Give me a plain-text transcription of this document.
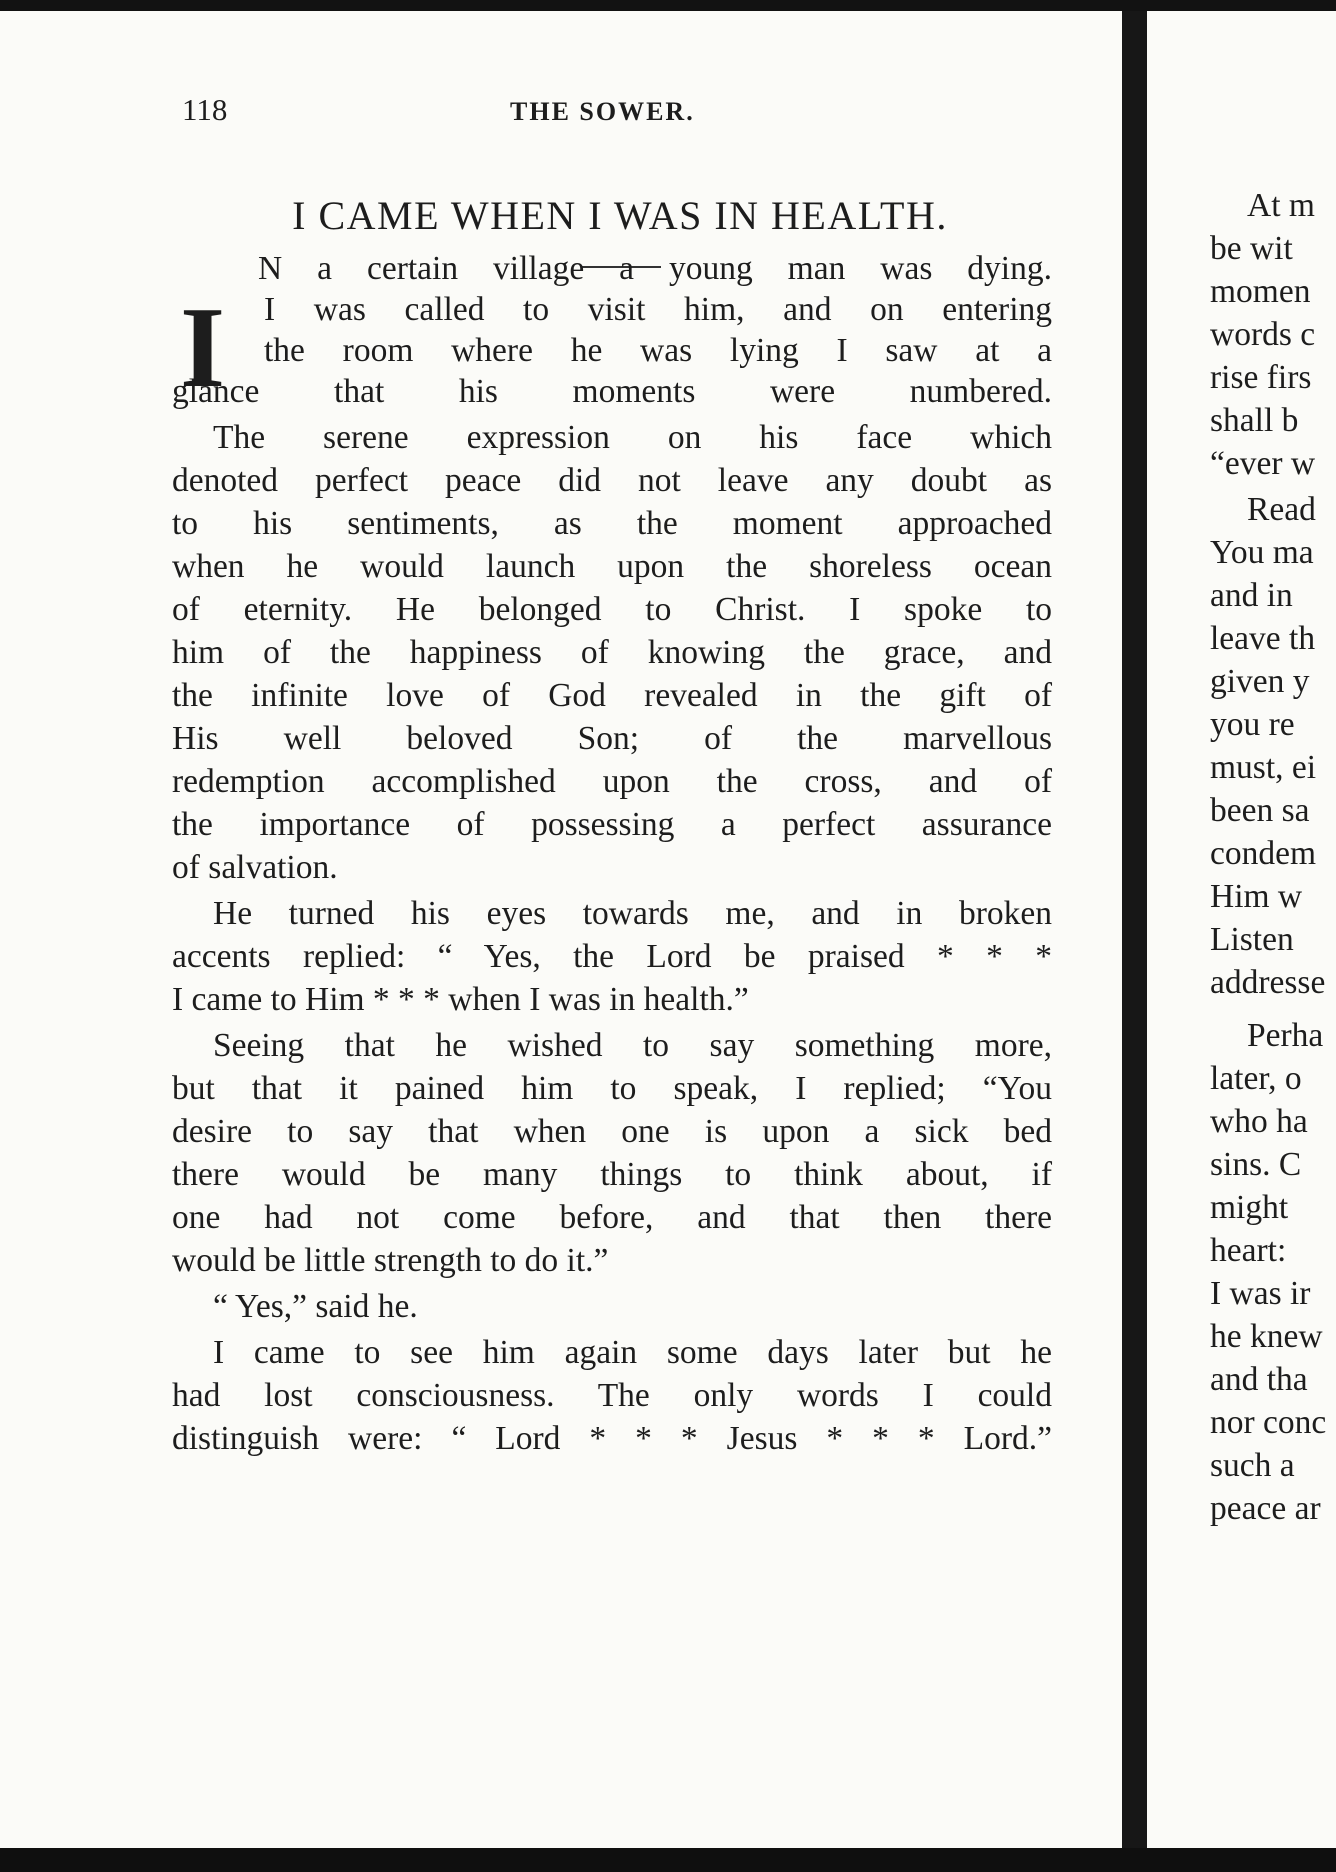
118	THE SOWER.
I CAME WHEN I WAS IN HEALTH.
I
N a certain village a young man was dying.
I was called to visit him, and on entering
the room where he was lying I saw at a
glance that his moments were numbered.
The serene expression on his face which
denoted perfect peace did not leave any doubt as
to his sentiments, as the moment approached
when he would launch upon the shoreless ocean
of eternity. He belonged to Christ. I spoke to
him of the happiness of knowing the grace, and
the infinite love of God revealed in the gift of
His well beloved Son; of the marvellous
redemption accomplished upon the cross, and of
the importance of possessing a perfect assurance
of salvation.
He turned his eyes towards me, and in broken
accents replied: “ Yes, the Lord be praised * * *
I came to Him * * * when I was in health.”
Seeing that he wished to say something more,
but that it pained him to speak, I replied; “You
desire to say that when one is upon a sick bed
there would be many things to think about, if
one had not come before, and that then there
would be little strength to do it.”
“ Yes,” said he.
I came to see him again some days later but he
had lost consciousness. The only words I could
distinguish were: “ Lord * * * Jesus * * * Lord.”
At m
be wit
momen
words c
rise firs
shall b
“ever w
Read
You ma
and in
leave th
given y
you re
must, ei
been sa
condem
Him w
Listen
addresse
Perha
later, o
who ha
sins. C
might
heart:
I was ir
he knew
and tha
nor conc
such a
peace ar
